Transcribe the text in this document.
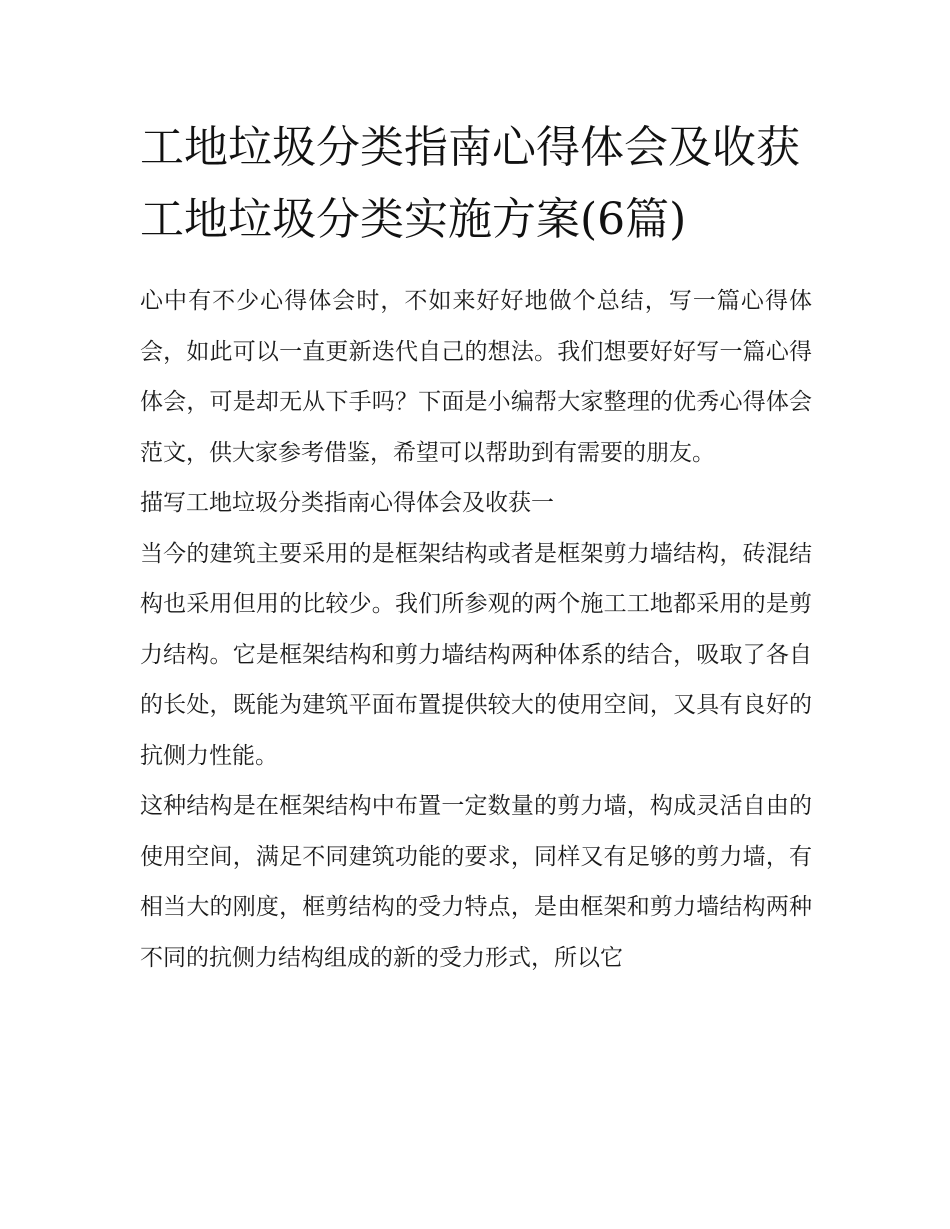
工地垃圾分类指南心得体会及收获 工地垃圾分类实施方案(6篇)

心中有不少心得体会时，不如来好好地做个总结，写一篇心得体会，如此可以一直更新迭代自己的想法。我们想要好好写一篇心得体会，可是却无从下手吗？下面是小编帮大家整理的优秀心得体会范文，供大家参考借鉴，希望可以帮助到有需要的朋友。

描写工地垃圾分类指南心得体会及收获一

当今的建筑主要采用的是框架结构或者是框架剪力墙结构，砖混结构也采用但用的比较少。我们所参观的两个施工工地都采用的是剪力结构。它是框架结构和剪力墙结构两种体系的结合，吸取了各自的长处，既能为建筑平面布置提供较大的使用空间，又具有良好的抗侧力性能。

这种结构是在框架结构中布置一定数量的剪力墙，构成灵活自由的使用空间，满足不同建筑功能的要求，同样又有足够的剪力墙，有相当大的刚度，框剪结构的受力特点，是由框架和剪力墙结构两种不同的抗侧力结构组成的新的受力形式，所以它
